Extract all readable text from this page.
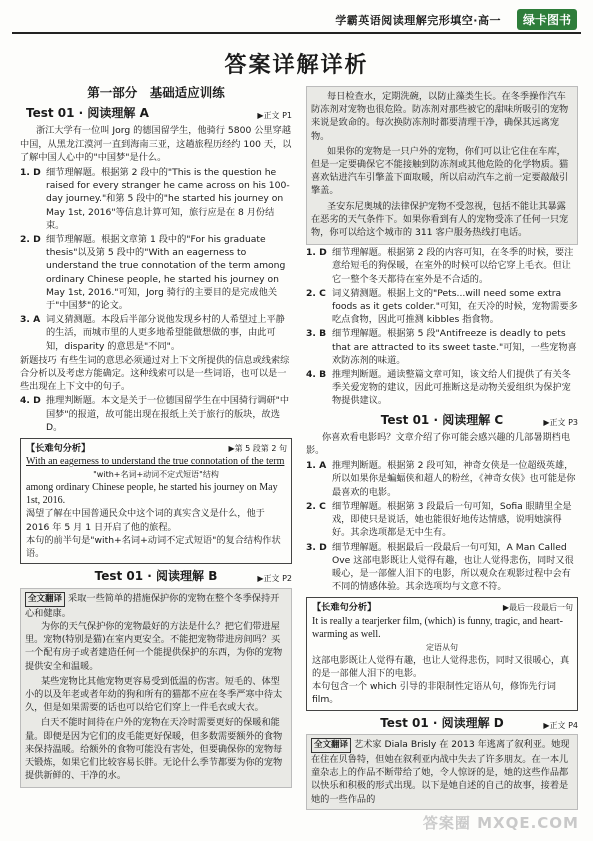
学霸英语阅读理解完形填空·高一	绿卡图书
答案详解详析
第一部分　基础适应训练
Test 01 · 阅读理解 A	▶正文 P1

浙江大学有一位叫 Jorg 的德国留学生，他骑行 5800 公里穿越中国，从黑龙江漠河一直到海南三亚，这趟旅程历经约 100 天，以了解中国人心中的"中国梦"是什么。

1. D 细节理解题。根据第 2 段中的"This is the question he raised for every stranger he came across on his 100-day journey."和第 5 段中的"he started his journey on May 1st, 2016"等信息计算可知，旅行应是在 8 月份结束。
2. D 细节理解题。根据文章第 1 段中的"For his graduate thesis"以及第 5 段中的"With an eagerness to understand the true connotation of the term among ordinary Chinese people, he started his journey on May 1st, 2016."可知，Jorg 骑行的主要目的是完成他关于"中国梦"的论文。
3. A 词义猜测题。本段后半部分说他发现乡村的人希望过上平静的生活，而城市里的人更多地希望能做想做的事，由此可知，disparity 的意思是"不同"。
新题技巧 有些生词的意思必须通过对上下文所提供的信息或线索综合分析以及考虑方能确定。这种线索可以是一些词语，也可以是一些出现在上下文中的句子。
4. D 推理判断题。本文是关于一位德国留学生在中国骑行调研"中国梦"的报道，故可能出现在报纸上关于旅行的版块，故选 D。
【长难句分析】	▶第 5 段第 2 句
With an eagerness to understand the true connotation of the term
"with+名词+动词不定式短语"结构
among ordinary Chinese people, he started his journey on May 1st, 2016.
渴望了解在中国普通民众中这个词的真实含义是什么，他于 2016 年 5 月 1 日开启了他的旅程。
本句的前半句是"with+名词+动词不定式短语"的复合结构作状语。
Test 01 · 阅读理解 B	▶正文 P2
全文翻译 采取一些简单的措施保护你的宠物在整个冬季保持开心和健康。

为你的天气保护你的宠物最好的方法是什么？把它们带进屋里。宠物(特别是猫)在室内更安全。不能把宠物带进房间吗？买一个配有房子或者建造任何一个能提供保护的东西，为你的宠物提供安全和温暖。

某些宠物比其他宠物更容易受到低温的伤害。短毛的、体型小的以及年老或者年幼的狗和所有的猫都不应在冬季严寒中待太久，但是如果需要的话也可以给它们穿上一件毛衣或大衣。

白天不能时间待在户外的宠物在天冷时需要更好的保暖和能量。即便是因为它们的皮毛能更好保暖，但多数需要额外的食物来保持温暖。给额外的食物可能没有害处，但要确保你的宠物每天锻炼，如果它们比较容易长胖。无论什么季节都要为你的宠物提供新鲜的、干净的水。

每日检查水，定期洗碗，以防止藻类生长。在冬季操作汽车防冻剂对宠物也很危险。防冻剂对那些被它的甜味所吸引的宠物来说是致命的。每次换防冻剂时都要清理干净，确保其远离宠物。

如果你的宠物是一只户外的宠物，你们可以让它住在车库，但是一定要确保它不能接触到防冻剂或其他危险的化学物质。猫喜欢钻进汽车引擎盖下面取暖，所以启动汽车之前一定要敲敲引擎盖。

圣安东尼奥城的法律保护宠物不受忽视，包括不能让其暴露在恶劣的天气条件下。如果你看到有人的宠物受冻了任何一只宠物，你可以给这个城市的 311 客户服务热线打电话。

1. D 细节理解题。根据第 2 段的内容可知，在冬季的时候，要注意给短毛的狗保暖，在室外的时候可以给它穿上毛衣。但让它一整个冬天都待在室外是不合适的。
2. C 词义猜测题。根据上文的"Pets...will need some extra foods as it gets colder."可知，在天冷的时候，宠物需要多吃点食物，因此可推测 kibbles 指食物。
3. B 细节理解题。根据第 5 段"Antifreeze is deadly to pets that are attracted to its sweet taste."可知，一些宠物喜欢防冻剂的味道。
4. B 推理判断题。通读整篇文章可知，该文给人们提供了有关冬季关爱宠物的建议，因此可推断这是动物关爱组织为保护宠物提供建议。
Test 01 · 阅读理解 C	▶正文 P3

你喜欢看电影吗？文章介绍了你可能会感兴趣的几部暑期档电影。

1. A 推理判断题。根据第 2 段可知，神奇女侠是一位超级英雄，所以如果你是蝙蝠侠和超人的粉丝，《神奇女侠》也可能是你最喜欢的电影。
2. C 细节理解题。根据第 3 段最后一句可知，Sofia 眼睛里全是戏，即使只是说话，她也能很好地传达情感，说明她演得好。其余选项都是无中生有。
3. D 细节理解题。根据最后一段最后一句可知，A Man Called Ove 这部电影既让人觉得有趣，也让人觉得悲伤，同时又很暖心，是一部催人泪下的电影，所以观众在观影过程中会有不同的情感体验。其余选项均与文意不符。
【长难句分析】	▶最后一段最后一句
It is really a tearjerker film, (which) is funny, tragic, and heart-warming as well.
定语从句
这部电影既让人觉得有趣，也让人觉得悲伤，同时又很暖心，真的是一部催人泪下的电影。
本句包含一个 which 引导的非限制性定语从句，修饰先行词 film。
Test 01 · 阅读理解 D	▶正文 P4
全文翻译 艺术家 Diala Brisly 在 2013 年逃离了叙利亚。她现在住在贝鲁特，但她在叙利亚内战中失去了许多朋友。在一本儿童杂志上的作品不断带给了她，令人惊讶的是，她的这些作品都以快乐和积极的形式出现。以下是她自述的自己的故事，接着是她的一些作品的
答案圈 MXQE.COM
